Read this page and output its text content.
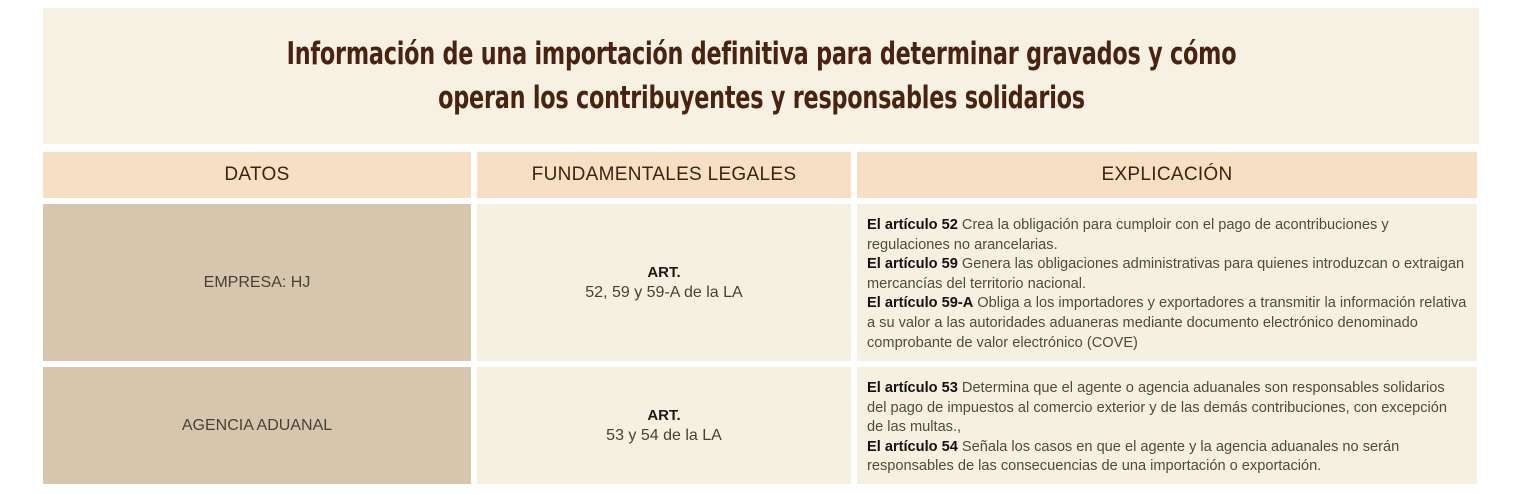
Información de una importación definitiva para determinar gravados y cómo
operan los contribuyentes y responsables solidarios
DATOS	FUNDAMENTALES LEGALES	EXPLICACIÓN
EMPRESA: HJ
ART.
52, 59 y 59-A de la LA

El artículo 52 Crea la obligación para cumploir con el pago de acontribuciones y regulaciones no arancelarias.

El artículo 59 Genera las obligaciones administrativas para quienes introduzcan o extraigan mercancías del territorio nacional.

El artículo 59-A Obliga a los importadores y exportadores a transmitir la información relativa a su valor a las autoridades aduaneras mediante documento electrónico denominado comprobante de valor electrónico (COVE)

AGENCIA ADUANAL
ART.
53 y 54 de la LA

El artículo 53 Determina que el agente o agencia aduanales son responsables solidarios del pago de impuestos al comercio exterior y de las demás contribuciones, con excepción de las multas.,

El artículo 54 Señala los casos en que el agente y la agencia aduanales no serán responsables de las consecuencias de una importación o exportación.
